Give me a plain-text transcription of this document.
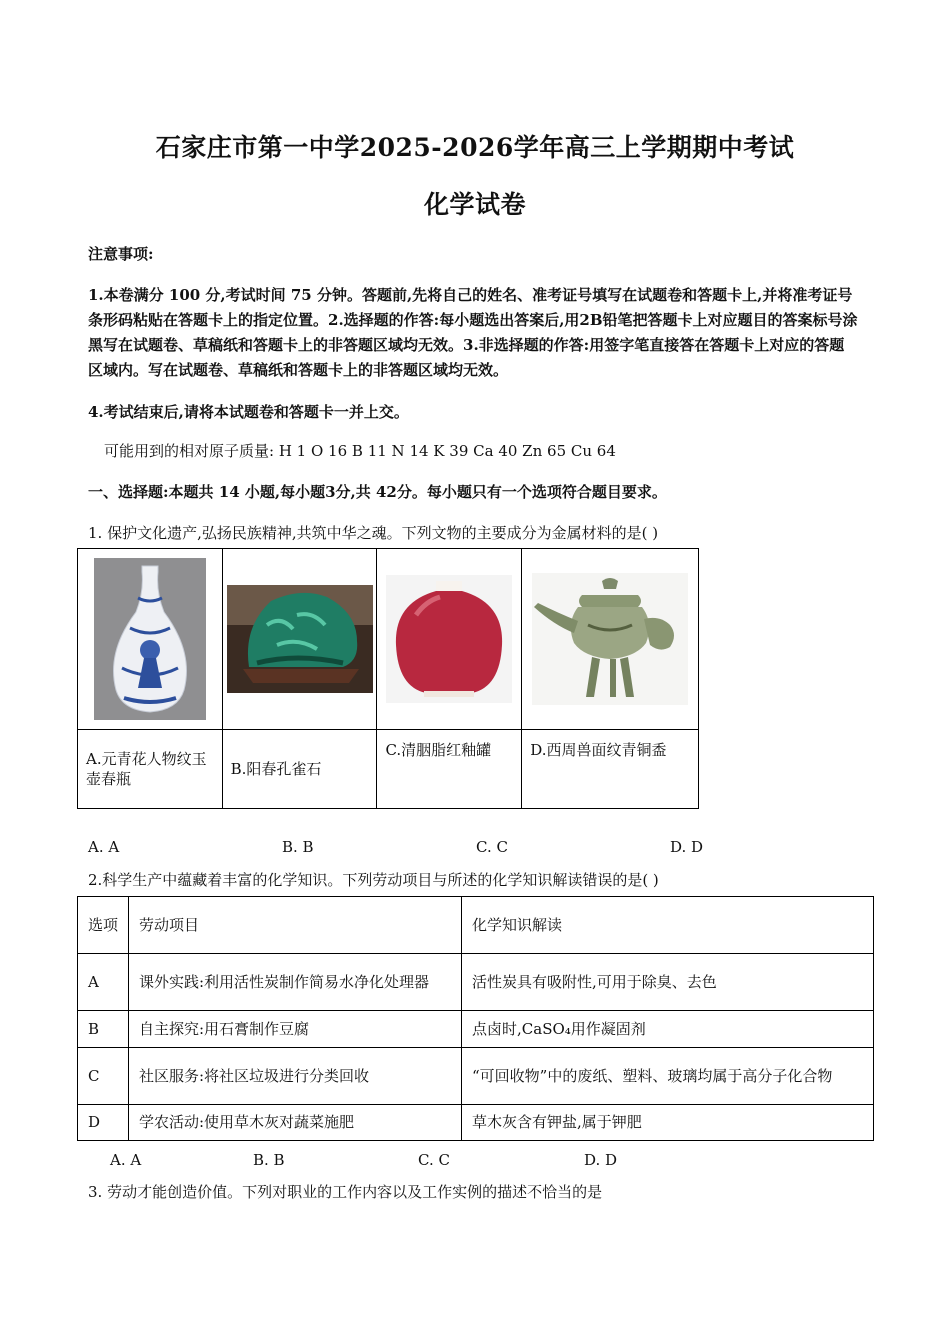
石家庄市第一中学2025-2026学年高三上学期期中考试
化学试卷
注意事项:
1.本卷满分 100 分,考试时间 75 分钟。答题前,先将自己的姓名、准考证号填写在试题卷和答题卡上,并将准考证号条形码粘贴在答题卡上的指定位置。2.选择题的作答:每小题选出答案后,用2B铅笔把答题卡上对应题目的答案标号涂黑写在试题卷、草稿纸和答题卡上的非答题区域均无效。3.非选择题的作答:用签字笔直接答在答题卡上对应的答题区域内。写在试题卷、草稿纸和答题卡上的非答题区域均无效。
4.考试结束后,请将本试题卷和答题卡一并上交。
可能用到的相对原子质量: H 1 O 16 B 11 N 14 K 39 Ca 40 Zn 65 Cu 64
一、选择题:本题共 14 小题,每小题3分,共 42分。每小题只有一个选项符合题目要求。
1. 保护文化遗产,弘扬民族精神,共筑中华之魂。下列文物的主要成分为金属材料的是( )

A.元青花人物纹玉壶春瓶	B.阳春孔雀石	C.清胭脂红釉罐	D.西周兽面纹青铜盉
A. A	B. B	C. C	D. D
2.科学生产中蕴藏着丰富的化学知识。下列劳动项目与所述的化学知识解读错误的是( )
选项	劳动项目	化学知识解读
A	课外实践:利用活性炭制作简易水净化处理器	活性炭具有吸附性,可用于除臭、去色
B	自主探究:用石膏制作豆腐	点卤时,CaSO₄用作凝固剂
C	社区服务:将社区垃圾进行分类回收	“可回收物”中的废纸、塑料、玻璃均属于高分子化合物
D	学农活动:使用草木灰对蔬菜施肥	草木灰含有钾盐,属于钾肥
A. A	B. B	C. C	D. D
3. 劳动才能创造价值。下列对职业的工作内容以及工作实例的描述不恰当的是
